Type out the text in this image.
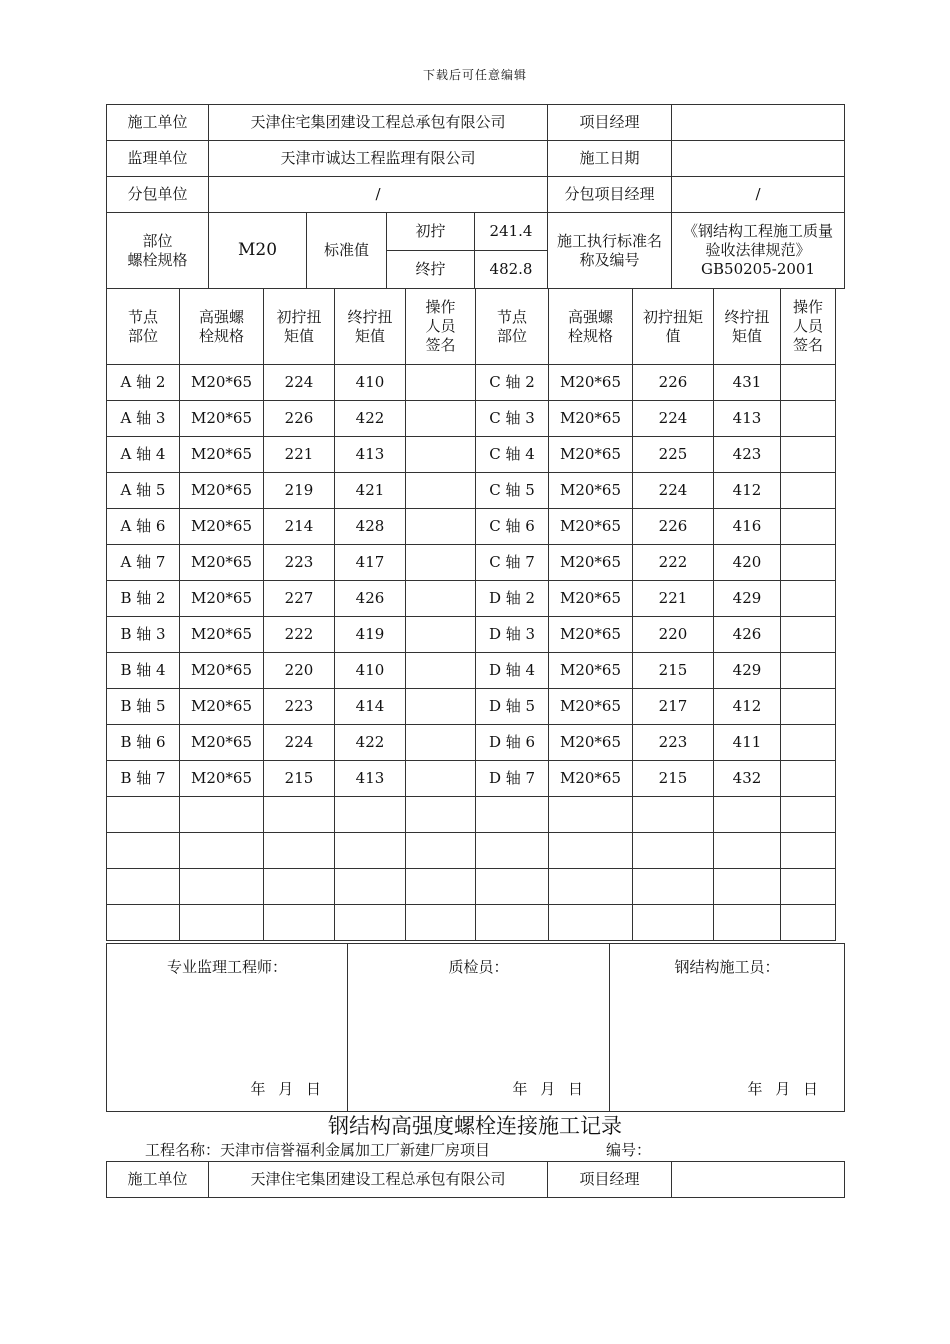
下载后可任意编辑
施工单位	天津住宅集团建设工程总承包有限公司				项目经理	
监理单位	天津市诚达工程监理有限公司				施工日期	
分包单位	/				分包项目经理	/

部位
螺栓规格	M20	标准值	初拧	241.4	施工执行标准名称及编号	《钢结构工程施工质量验收法律规范》GB50205-2001
			终拧	482.8		
节点部位	高强螺栓规格	初拧扭矩值	终拧扭矩值	操作人员签名	节点部位	高强螺栓规格	初拧扭矩值	终拧扭矩值	操作人员签名
A 轴 2	M20*65	224	410		C 轴 2	M20*65	226	431	
A 轴 3	M20*65	226	422		C 轴 3	M20*65	224	413	
A 轴 4	M20*65	221	413		C 轴 4	M20*65	225	423	
A 轴 5	M20*65	219	421		C 轴 5	M20*65	224	412	
A 轴 6	M20*65	214	428		C 轴 6	M20*65	226	416	
A 轴 7	M20*65	223	417		C 轴 7	M20*65	222	420	
B 轴 2	M20*65	227	426		D 轴 2	M20*65	221	429	
B 轴 3	M20*65	222	419		D 轴 3	M20*65	220	426	
B 轴 4	M20*65	220	410		D 轴 4	M20*65	215	429	
B 轴 5	M20*65	223	414		D 轴 5	M20*65	217	412	
B 轴 6	M20*65	224	422		D 轴 6	M20*65	223	411	
B 轴 7	M20*65	215	413		D 轴 7	M20*65	215	432	

专业监理工程师：
年 月 日

质检员：
年 月 日

钢结构施工员：
年 月 日
钢结构高强度螺栓连接施工记录
工程名称：天津市信誉福利金属加工厂新建厂房项目	编号：
施工单位	天津住宅集团建设工程总承包有限公司	项目经理	
